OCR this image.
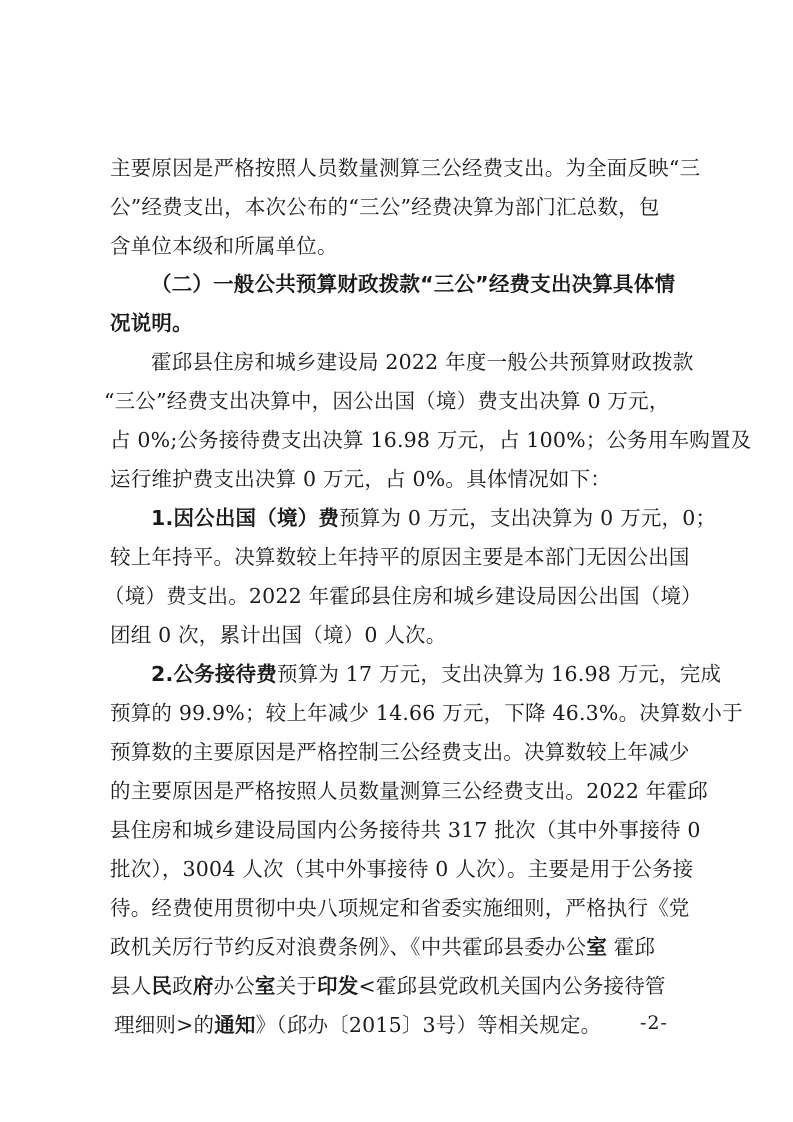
主要原因是严格按照人员数量测算三公经费支出。为全面反映“三
公”经费支出，本次公布的“三公”经费决算为部门汇总数，包
含单位本级和所属单位。
（二）一般公共预算财政拨款“三公”经费支出决算具体情
况说明。
霍邱县住房和城乡建设局 2022 年度一般公共预算财政拨款
“三公”经费支出决算中，因公出国（境）费支出决算 0 万元，
占 0%;公务接待费支出决算 16.98 万元，占 100%；公务用车购置及
运行维护费支出决算 0 万元，占 0%。具体情况如下：
1.因公出国（境）费预算为 0 万元，支出决算为 0 万元，0；
较上年持平。决算数较上年持平的原因主要是本部门无因公出国
（境）费支出。2022 年霍邱县住房和城乡建设局因公出国（境）
团组 0 次，累计出国（境）0 人次。
2.公务接待费预算为 17 万元，支出决算为 16.98 万元，完成
预算的 99.9%；较上年减少 14.66 万元，下降 46.3%。决算数小于
预算数的主要原因是严格控制三公经费支出。决算数较上年减少
的主要原因是严格按照人员数量测算三公经费支出。2022 年霍邱
县住房和城乡建设局国内公务接待共 317 批次（其中外事接待 0
批次），3004 人次（其中外事接待 0 人次）。主要是用于公务接
待。经费使用贯彻中央八项规定和省委实施细则，严格执行《党
政机关厉行节约反对浪费条例》、《中共霍邱县委办公室 霍邱
县人民政府办公室关于印发<霍邱县党政机关国内公务接待管
理细则>的通知》（邱办〔2015〕3号）等相关规定。 -2-
